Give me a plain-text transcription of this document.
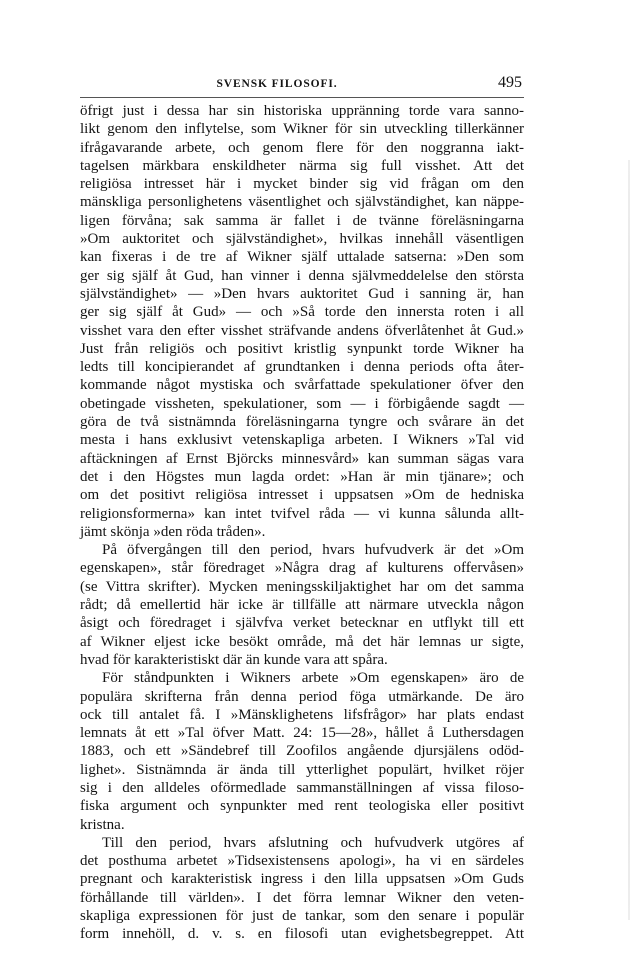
SVENSK FILOSOFI.	495
öfrigt just i dessa har sin historiska uppränning torde vara sanno-
likt genom den inflytelse, som Wikner för sin utveckling tillerkänner
ifrågavarande arbete, och genom flere för den noggranna iakt-
tagelsen märkbara enskildheter närma sig full visshet. Att det
religiösa intresset här i mycket binder sig vid frågan om den
mänskliga personlighetens väsentlighet och självständighet, kan näppe-
ligen förvåna; sak samma är fallet i de tvänne föreläsningarna
»Om auktoritet och självständighet», hvilkas innehåll väsentligen
kan fixeras i de tre af Wikner själf uttalade satserna: »Den som
ger sig själf åt Gud, han vinner i denna självmeddelelse den största
självständighet» — »Den hvars auktoritet Gud i sanning är, han
ger sig själf åt Gud» — och »Så torde den innersta roten i all
visshet vara den efter visshet sträfvande andens öfverlåtenhet åt Gud.»
Just från religiös och positivt kristlig synpunkt torde Wikner ha
ledts till koncipierandet af grundtanken i denna periods ofta åter-
kommande något mystiska och svårfattade spekulationer öfver den
obetingade vissheten, spekulationer, som — i förbigående sagdt —
göra de två sistnämnda föreläsningarna tyngre och svårare än det
mesta i hans exklusivt vetenskapliga arbeten. I Wikners »Tal vid
aftäckningen af Ernst Björcks minnesvård» kan summan sägas vara
det i den Högstes mun lagda ordet: »Han är min tjänare»; och
om det positivt religiösa intresset i uppsatsen »Om de hedniska
religionsformerna» kan intet tvifvel råda — vi kunna sålunda allt-
jämt skönja »den röda tråden».
På öfvergången till den period, hvars hufvudverk är det »Om
egenskapen», står föredraget »Några drag af kulturens offervåsen»
(se Vittra skrifter). Mycken meningsskiljaktighet har om det samma
rådt; då emellertid här icke är tillfälle att närmare utveckla någon
åsigt och föredraget i självfva verket betecknar en utflykt till ett
af Wikner eljest icke besökt område, må det här lemnas ur sigte,
hvad för karakteristiskt där än kunde vara att spåra.
För ståndpunkten i Wikners arbete »Om egenskapen» äro de
populära skrifterna från denna period föga utmärkande. De äro
ock till antalet få. I »Mänsklighetens lifsfrågor» har plats endast
lemnats åt ett »Tal öfver Matt. 24: 15—28», hållet å Luthersdagen
1883, och ett »Sändebref till Zoofilos angående djursjälens odöd-
lighet». Sistnämnda är ända till ytterlighet populärt, hvilket röjer
sig i den alldeles oförmedlade sammanställningen af vissa filoso-
fiska argument och synpunkter med rent teologiska eller positivt
kristna.
Till den period, hvars afslutning och hufvudverk utgöres af
det posthuma arbetet »Tidsexistensens apologi», ha vi en särdeles
pregnant och karakteristisk ingress i den lilla uppsatsen »Om Guds
förhållande till världen». I det förra lemnar Wikner den veten-
skapliga expressionen för just de tankar, som den senare i populär
form innehöll, d. v. s. en filosofi utan evighetsbegreppet. Att
